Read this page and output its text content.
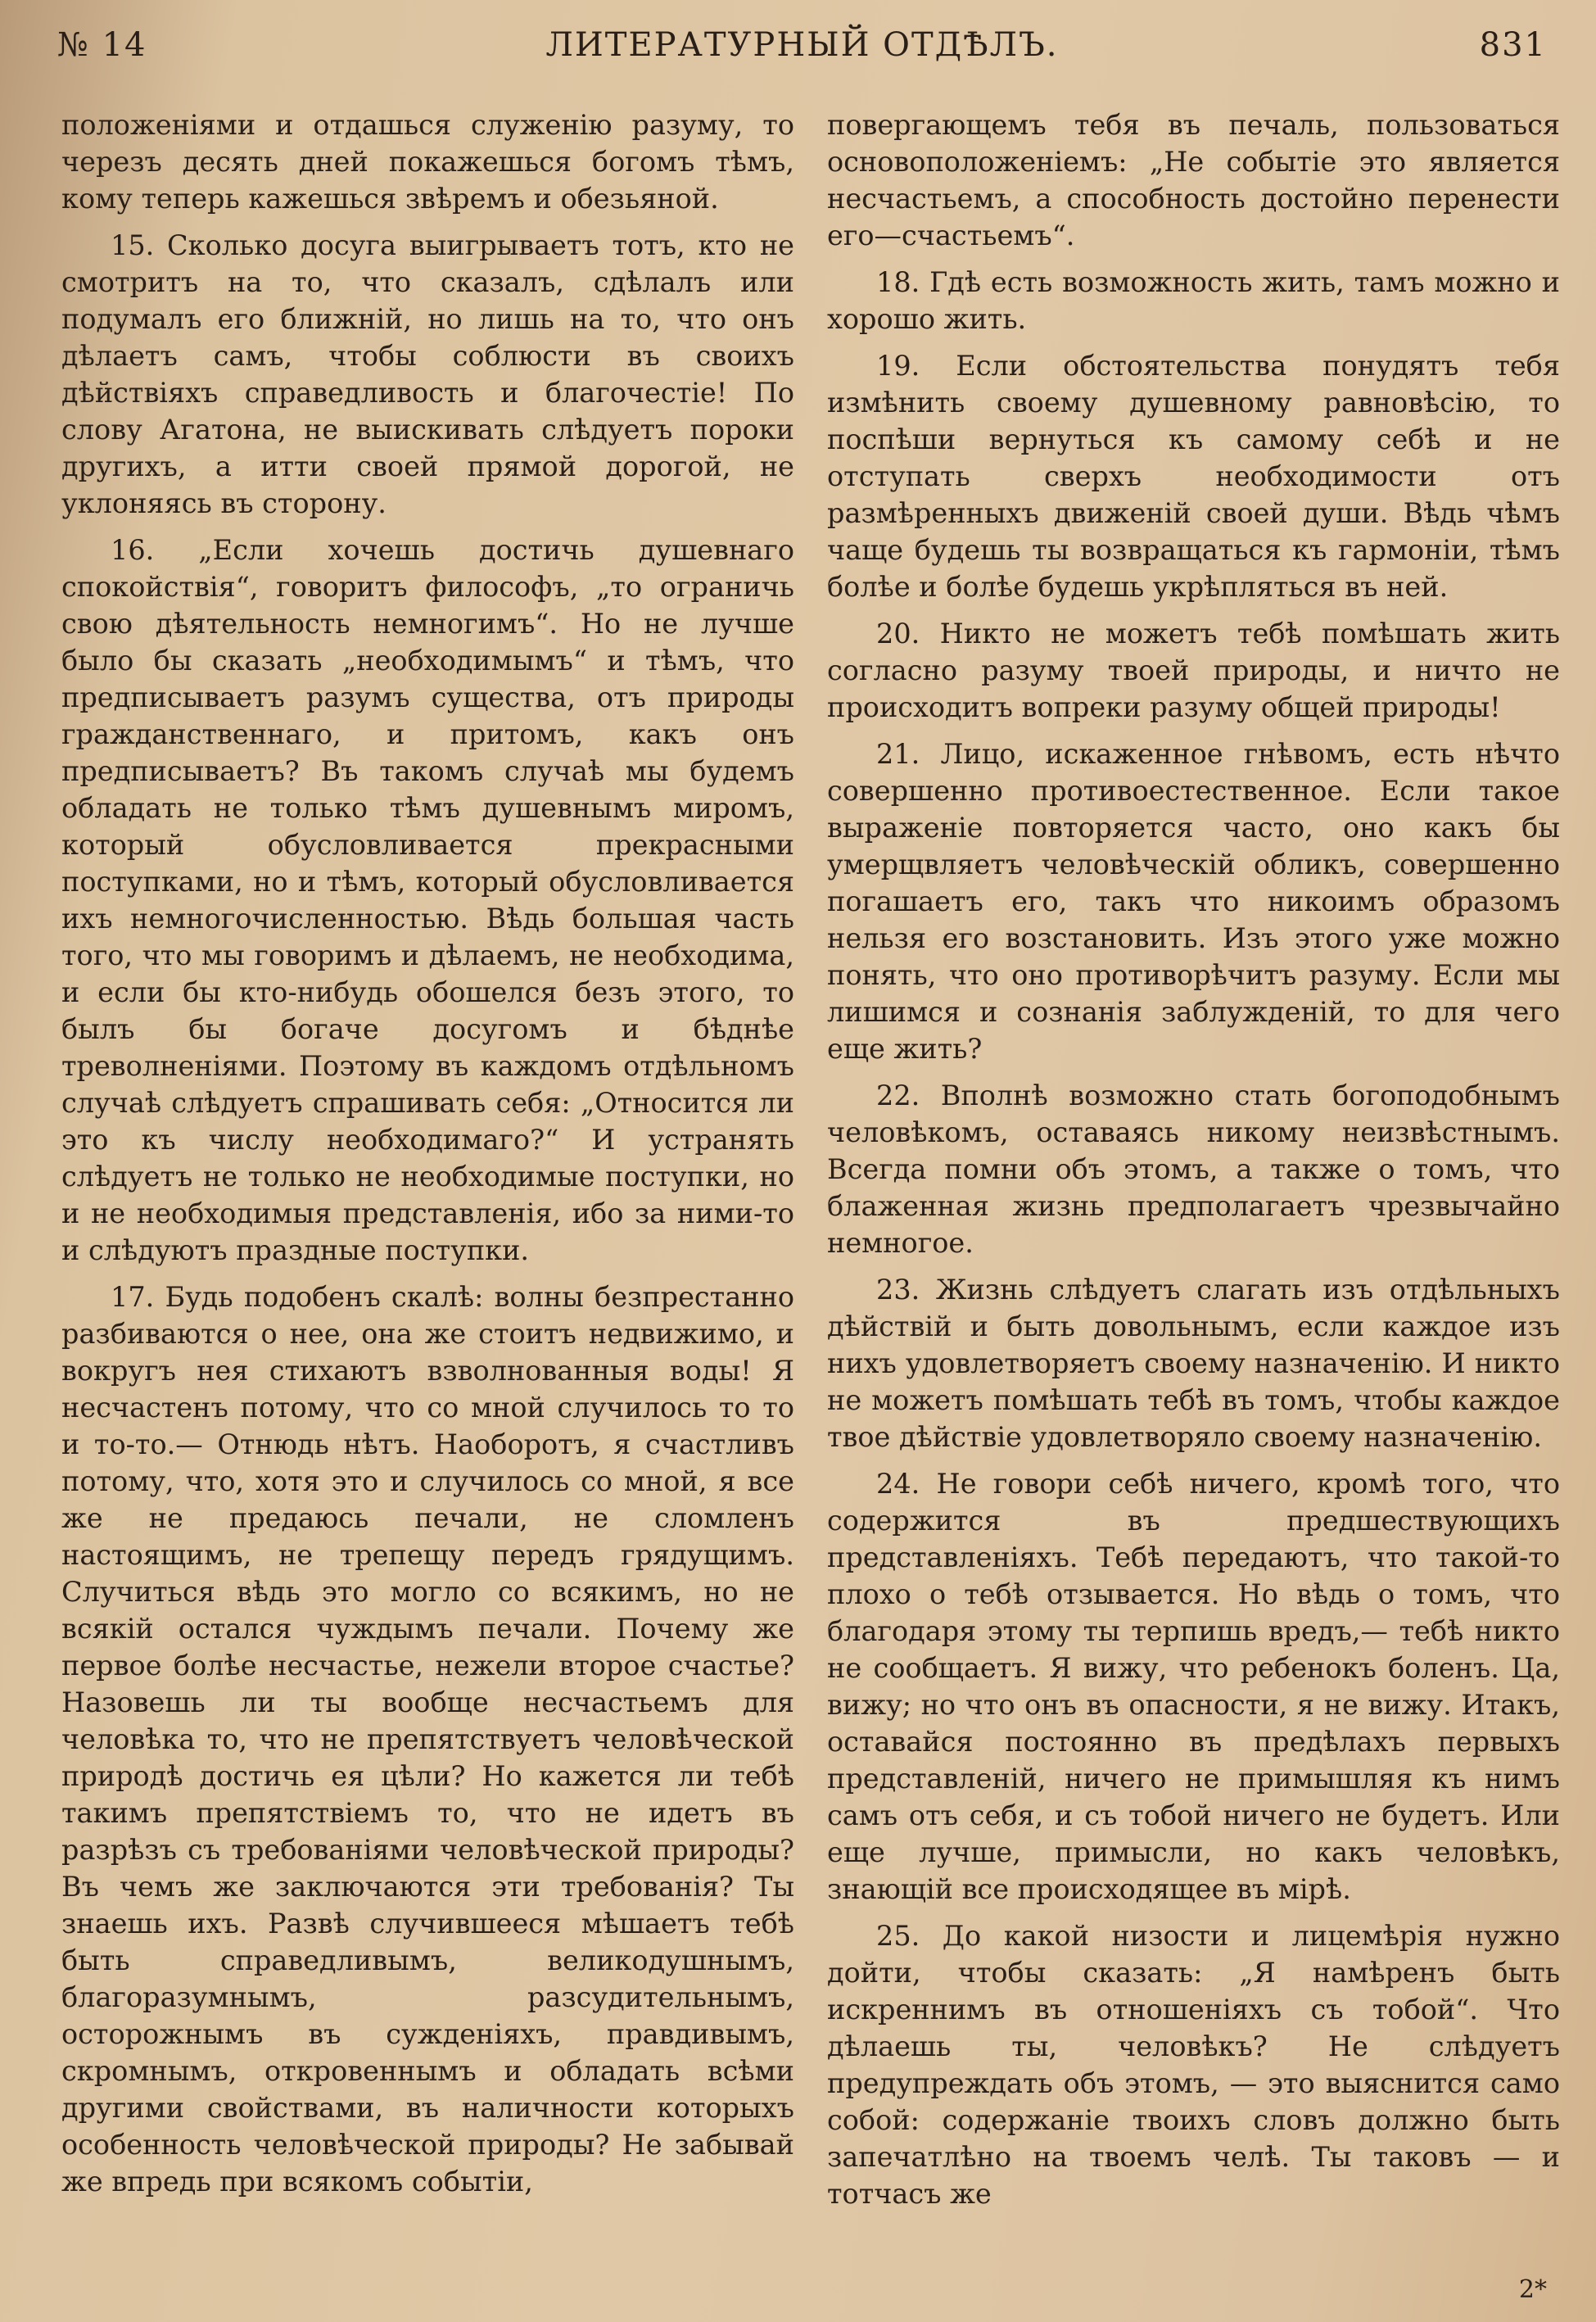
№ 14	ЛИТЕРАТУРНЫЙ ОТДѢЛЪ.	831

положеніями и отдашься служенію разуму, то черезъ десять дней покажешься богомъ тѣмъ, кому теперь кажешься звѣремъ и обезьяной.

15. Сколько досуга выигрываетъ тотъ, кто не смотритъ на то, что сказалъ, сдѣлалъ или подумалъ его ближній, но лишь на то, что онъ дѣлаетъ самъ, чтобы соблюсти въ своихъ дѣйствіяхъ справедливость и благочестіе! По слову Агатона, не выискивать слѣдуетъ пороки другихъ, а итти своей прямой дорогой, не уклоняясь въ сторону.

16. „Если хочешь достичь душевнаго спокойствія“, говоритъ философъ, „то ограничь свою дѣятельность немногимъ“. Но не лучше было бы сказать „необходимымъ“ и тѣмъ, что предписываетъ разумъ существа, отъ природы гражданственнаго, и притомъ, какъ онъ предписываетъ? Въ такомъ случаѣ мы будемъ обладать не только тѣмъ душевнымъ миромъ, который обусловливается прекрасными поступками, но и тѣмъ, который обусловливается ихъ немногочисленностью. Вѣдь большая часть того, что мы говоримъ и дѣлаемъ, не необходима, и если бы кто-нибудь обошелся безъ этого, то былъ бы богаче досугомъ и бѣднѣе треволненіями. Поэтому въ каждомъ отдѣльномъ случаѣ слѣдуетъ спрашивать себя: „Относится ли это къ числу необходимаго?“ И устранять слѣдуетъ не только не необходимые поступки, но и не необходимыя представленія, ибо за ними-то и слѣдуютъ праздные поступки.

17. Будь подобенъ скалѣ: волны безпрестанно разбиваются о нее, она же стоитъ недвижимо, и вокругъ нея стихаютъ взволнованныя воды! Я несчастенъ потому, что со мной случилось то то и то-то.— Отнюдь нѣтъ. Наоборотъ, я счастливъ потому, что, хотя это и случилось со мной, я все же не предаюсь печали, не сломленъ настоящимъ, не трепещу передъ грядущимъ. Случиться вѣдь это могло со всякимъ, но не всякій остался чуждымъ печали. Почему же первое болѣе несчастье, нежели второе счастье? Назовешь ли ты вообще несчастьемъ для человѣка то, что не препятствуетъ человѣческой природѣ достичь ея цѣли? Но кажется ли тебѣ такимъ препятствіемъ то, что не идетъ въ разрѣзъ съ требованіями человѣческой природы? Въ чемъ же заключаются эти требованія? Ты знаешь ихъ. Развѣ случившееся мѣшаетъ тебѣ быть справедливымъ, великодушнымъ, благоразумнымъ, разсудительнымъ, осторожнымъ въ сужденіяхъ, правдивымъ, скромнымъ, откровеннымъ и обладать всѣми другими свойствами, въ наличности которыхъ особенность человѣческой природы? Не забывай же впредь при всякомъ событіи,

повергающемъ тебя въ печаль, пользоваться основоположеніемъ: „Не событіе это является несчастьемъ, а способность достойно перенести его—счастьемъ“.

18. Гдѣ есть возможность жить, тамъ можно и хорошо жить.

19. Если обстоятельства понудятъ тебя измѣнить своему душевному равновѣсію, то поспѣши вернуться къ самому себѣ и не отступать сверхъ необходимости отъ размѣренныхъ движеній своей души. Вѣдь чѣмъ чаще будешь ты возвращаться къ гармоніи, тѣмъ болѣе и болѣе будешь укрѣпляться въ ней.

20. Никто не можетъ тебѣ помѣшать жить согласно разуму твоей природы, и ничто не происходитъ вопреки разуму общей природы!

21. Лицо, искаженное гнѣвомъ, есть нѣчто совершенно противоестественное. Если такое выраженіе повторяется часто, оно какъ бы умерщвляетъ человѣческій обликъ, совершенно погашаетъ его, такъ что никоимъ образомъ нельзя его возстановить. Изъ этого уже можно понять, что оно противорѣчитъ разуму. Если мы лишимся и сознанія заблужденій, то для чего еще жить?

22. Вполнѣ возможно стать богоподобнымъ человѣкомъ, оставаясь никому неизвѣстнымъ. Всегда помни объ этомъ, а также о томъ, что блаженная жизнь предполагаетъ чрезвычайно немногое.

23. Жизнь слѣдуетъ слагать изъ отдѣльныхъ дѣйствій и быть довольнымъ, если каждое изъ нихъ удовлетворяетъ своему назначенію. И никто не можетъ помѣшать тебѣ въ томъ, чтобы каждое твое дѣйствіе удовлетворяло своему назначенію.

24. Не говори себѣ ничего, кромѣ того, что содержится въ предшествующихъ представленіяхъ. Тебѣ передаютъ, что такой-то плохо о тебѣ отзывается. Но вѣдь о томъ, что благодаря этому ты терпишь вредъ,— тебѣ никто не сообщаетъ. Я вижу, что ребенокъ боленъ. Ца, вижу; но что онъ въ опасности, я не вижу. Итакъ, оставайся постоянно въ предѣлахъ первыхъ представленій, ничего не примышляя къ нимъ самъ отъ себя, и съ тобой ничего не будетъ. Или еще лучше, примысли, но какъ человѣкъ, знающій все происходящее въ мірѣ.

25. До какой низости и лицемѣрія нужно дойти, чтобы сказать: „Я намѣренъ быть искреннимъ въ отношеніяхъ съ тобой“. Что дѣлаешь ты, человѣкъ? Не слѣдуетъ предупреждать объ этомъ, — это выяснится само собой: содержаніе твоихъ словъ должно быть запечатлѣно на твоемъ челѣ. Ты таковъ — и тотчасъ же

2*
